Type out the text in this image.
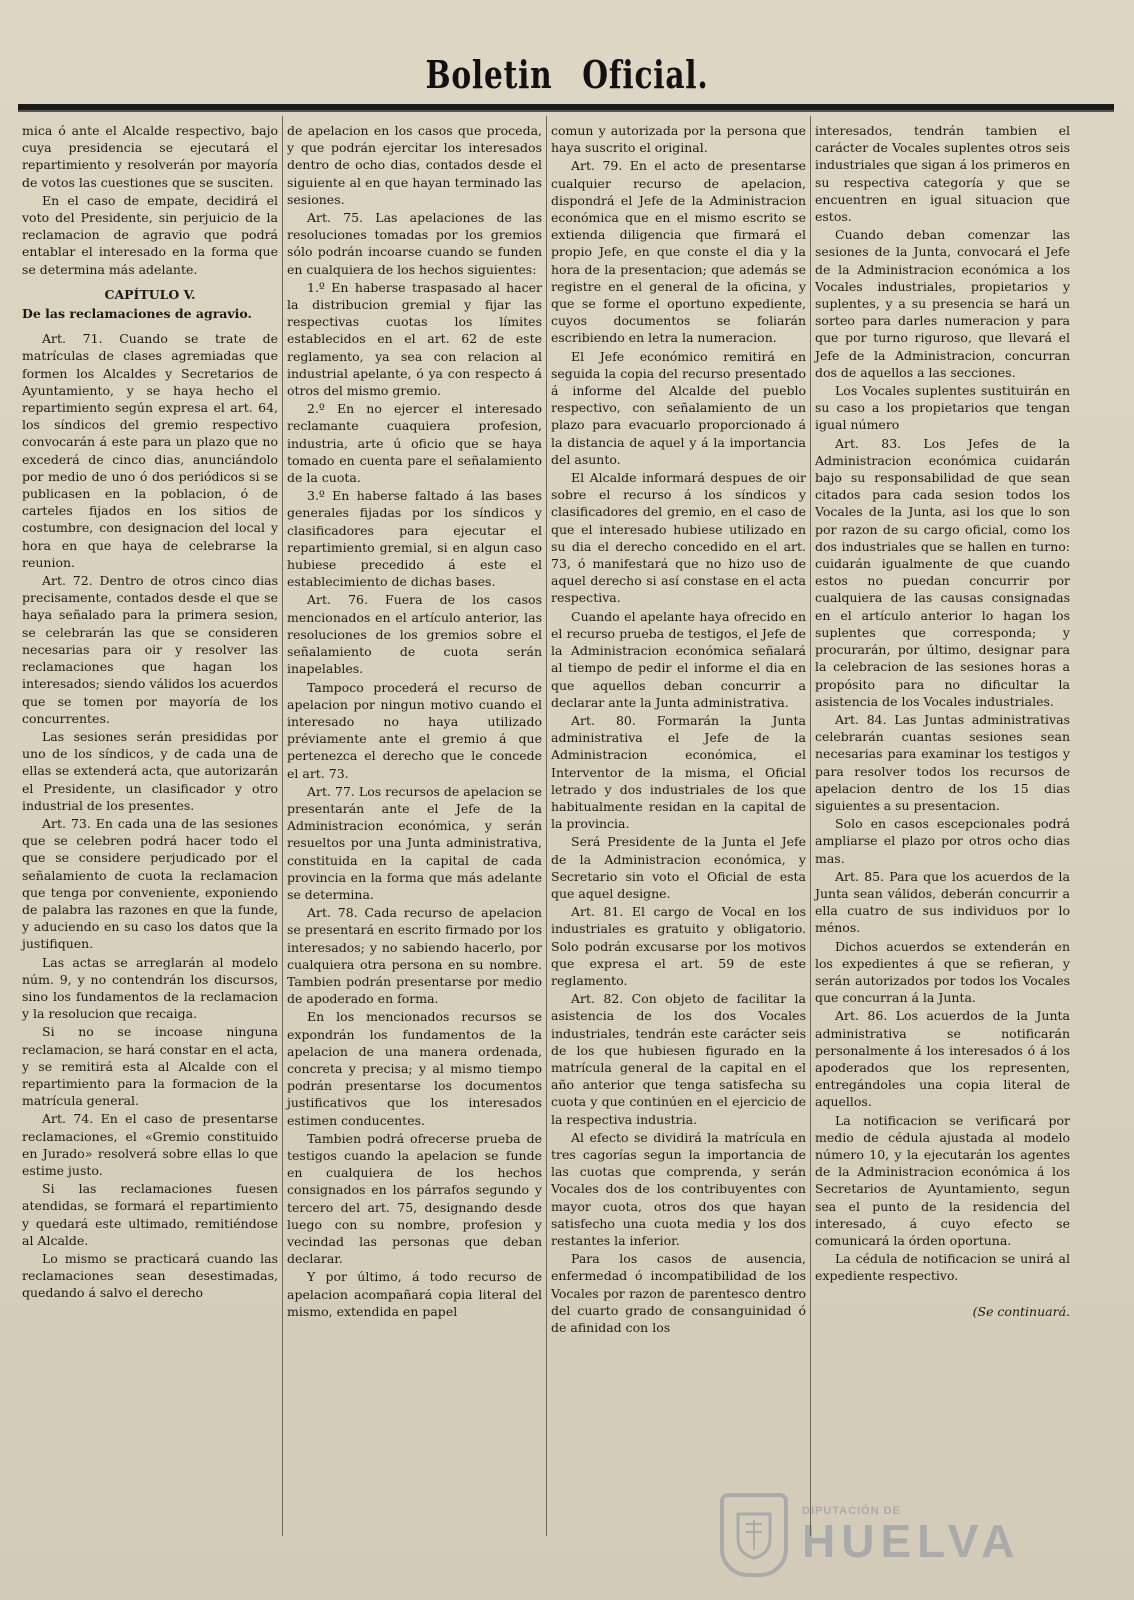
Boletin Oficial.

mica ó ante el Alcalde respectivo, bajo cuya presidencia se ejecutará el repartimiento y resolverán por mayoría de votos las cuestiones que se susciten.

En el caso de empate, decidirá el voto del Presidente, sin perjuicio de la reclamacion de agravio que podrá entablar el interesado en la forma que se determina más adelante.

CAPÍTULO V.

De las reclamaciones de agravio.

Art. 71. Cuando se trate de matrículas de clases agremiadas que formen los Alcaldes y Secretarios de Ayuntamiento, y se haya hecho el repartimiento según expresa el art. 64, los síndicos del gremio respectivo convocarán á este para un plazo que no excederá de cinco dias, anunciándolo por medio de uno ó dos periódicos si se publicasen en la poblacion, ó de carteles fijados en los sitios de costumbre, con designacion del local y hora en que haya de celebrarse la reunion.

Art. 72. Dentro de otros cinco dias precisamente, contados desde el que se haya señalado para la primera sesion, se celebrarán las que se consideren necesarias para oir y resolver las reclamaciones que hagan los interesados; siendo válidos los acuerdos que se tomen por mayoría de los concurrentes.

Las sesiones serán presididas por uno de los síndicos, y de cada una de ellas se extenderá acta, que autorizarán el Presidente, un clasificador y otro industrial de los presentes.

Art. 73. En cada una de las sesiones que se celebren podrá hacer todo el que se considere perjudicado por el señalamiento de cuota la reclamacion que tenga por conveniente, exponiendo de palabra las razones en que la funde, y aduciendo en su caso los datos que la justifiquen.

Las actas se arreglarán al modelo núm. 9, y no contendrán los discursos, sino los fundamentos de la reclamacion y la resolucion que recaiga.

Si no se incoase ninguna reclamacion, se hará constar en el acta, y se remitirá esta al Alcalde con el repartimiento para la formacion de la matrícula general.

Art. 74. En el caso de presentarse reclamaciones, el «Gremio constituido en Jurado» resolverá sobre ellas lo que estime justo.

Si las reclamaciones fuesen atendidas, se formará el repartimiento y quedará este ultimado, remitiéndose al Alcalde.

Lo mismo se practicará cuando las reclamaciones sean desestimadas, quedando á salvo el derecho

de apelacion en los casos que proceda, y que podrán ejercitar los interesados dentro de ocho dias, contados desde el siguiente al en que hayan terminado las sesiones.

Art. 75. Las apelaciones de las resoluciones tomadas por los gremios sólo podrán incoarse cuando se funden en cualquiera de los hechos siguientes:

1.º En haberse traspasado al hacer la distribucion gremial y fijar las respectivas cuotas los límites establecidos en el art. 62 de este reglamento, ya sea con relacion al industrial apelante, ó ya con respecto á otros del mismo gremio.

2.º En no ejercer el interesado reclamante cuaquiera profesion, industria, arte ú oficio que se haya tomado en cuenta pare el señalamiento de la cuota.

3.º En haberse faltado á las bases generales fijadas por los síndicos y clasificadores para ejecutar el repartimiento gremial, si en algun caso hubiese precedido á este el establecimiento de dichas bases.

Art. 76. Fuera de los casos mencionados en el artículo anterior, las resoluciones de los gremios sobre el señalamiento de cuota serán inapelables.

Tampoco procederá el recurso de apelacion por ningun motivo cuando el interesado no haya utilizado préviamente ante el gremio á que pertenezca el derecho que le concede el art. 73.

Art. 77. Los recursos de apelacion se presentarán ante el Jefe de la Administracion económica, y serán resueltos por una Junta administrativa, constituida en la capital de cada provincia en la forma que más adelante se determina.

Art. 78. Cada recurso de apelacion se presentará en escrito firmado por los interesados; y no sabiendo hacerlo, por cualquiera otra persona en su nombre. Tambien podrán presentarse por medio de apoderado en forma.

En los mencionados recursos se expondrán los fundamentos de la apelacion de una manera ordenada, concreta y precisa; y al mismo tiempo podrán presentarse los documentos justificativos que los interesados estimen conducentes.

Tambien podrá ofrecerse prueba de testigos cuando la apelacion se funde en cualquiera de los hechos consignados en los párrafos segundo y tercero del art. 75, designando desde luego con su nombre, profesion y vecindad las personas que deban declarar.

Y por último, á todo recurso de apelacion acompañará copia literal del mismo, extendida en papel

comun y autorizada por la persona que haya suscrito el original.

Art. 79. En el acto de presentarse cualquier recurso de apelacion, dispondrá el Jefe de la Administracion económica que en el mismo escrito se extienda diligencia que firmará el propio Jefe, en que conste el dia y la hora de la presentacion; que además se registre en el general de la oficina, y que se forme el oportuno expediente, cuyos documentos se foliarán escribiendo en letra la numeracion.

El Jefe económico remitirá en seguida la copia del recurso presentado á informe del Alcalde del pueblo respectivo, con señalamiento de un plazo para evacuarlo proporcionado á la distancia de aquel y á la importancia del asunto.

El Alcalde informará despues de oir sobre el recurso á los síndicos y clasificadores del gremio, en el caso de que el interesado hubiese utilizado en su dia el derecho concedido en el art. 73, ó manifestará que no hizo uso de aquel derecho si así constase en el acta respectiva.

Cuando el apelante haya ofrecido en el recurso prueba de testigos, el Jefe de la Administracion económica señalará al tiempo de pedir el informe el dia en que aquellos deban concurrir a declarar ante la Junta administrativa.

Art. 80. Formarán la Junta administrativa el Jefe de la Administracion económica, el Interventor de la misma, el Oficial letrado y dos industriales de los que habitualmente residan en la capital de la provincia.

Será Presidente de la Junta el Jefe de la Administracion económica, y Secretario sin voto el Oficial de esta que aquel designe.

Art. 81. El cargo de Vocal en los industriales es gratuito y obligatorio. Solo podrán excusarse por los motivos que expresa el art. 59 de este reglamento.

Art. 82. Con objeto de facilitar la asistencia de los dos Vocales industriales, tendrán este carácter seis de los que hubiesen figurado en la matrícula general de la capital en el año anterior que tenga satisfecha su cuota y que continúen en el ejercicio de la respectiva industria.

Al efecto se dividirá la matrícula en tres cagorías segun la importancia de las cuotas que comprenda, y serán Vocales dos de los contribuyentes con mayor cuota, otros dos que hayan satisfecho una cuota media y los dos restantes la inferior.

Para los casos de ausencia, enfermedad ó incompatibilidad de los Vocales por razon de parentesco dentro del cuarto grado de consanguinidad ó de afinidad con los

interesados, tendrán tambien el carácter de Vocales suplentes otros seis industriales que sigan á los primeros en su respectiva categoría y que se encuentren en igual situacion que estos.

Cuando deban comenzar las sesiones de la Junta, convocará el Jefe de la Administracion económica a los Vocales industriales, propietarios y suplentes, y a su presencia se hará un sorteo para darles numeracion y para que por turno riguroso, que llevará el Jefe de la Administracion, concurran dos de aquellos a las secciones.

Los Vocales suplentes sustituirán en su caso a los propietarios que tengan igual número

Art. 83. Los Jefes de la Administracion económica cuidarán bajo su responsabilidad de que sean citados para cada sesion todos los Vocales de la Junta, asi los que lo son por razon de su cargo oficial, como los dos industriales que se hallen en turno: cuidarán igualmente de que cuando estos no puedan concurrir por cualquiera de las causas consignadas en el artículo anterior lo hagan los suplentes que corresponda; y procurarán, por último, designar para la celebracion de las sesiones horas a propósito para no dificultar la asistencia de los Vocales industriales.

Art. 84. Las Juntas administrativas celebrarán cuantas sesiones sean necesarias para examinar los testigos y para resolver todos los recursos de apelacion dentro de los 15 dias siguientes a su presentacion.

Solo en casos escepcionales podrá ampliarse el plazo por otros ocho dias mas.

Art. 85. Para que los acuerdos de la Junta sean válidos, deberán concurrir a ella cuatro de sus individuos por lo ménos.

Dichos acuerdos se extenderán en los expedientes á que se refieran, y serán autorizados por todos los Vocales que concurran á la Junta.

Art. 86. Los acuerdos de la Junta administrativa se notificarán personalmente á los interesados ó á los apoderados que los representen, entregándoles una copia literal de aquellos.

La notificacion se verificará por medio de cédula ajustada al modelo número 10, y la ejecutarán los agentes de la Administracion económica á los Secretarios de Ayuntamiento, segun sea el punto de la residencia del interesado, á cuyo efecto se comunicará la órden oportuna.

La cédula de notificacion se unirá al expediente respectivo.

(Se continuará.

DIPUTACIÓN DE
HUELVA
